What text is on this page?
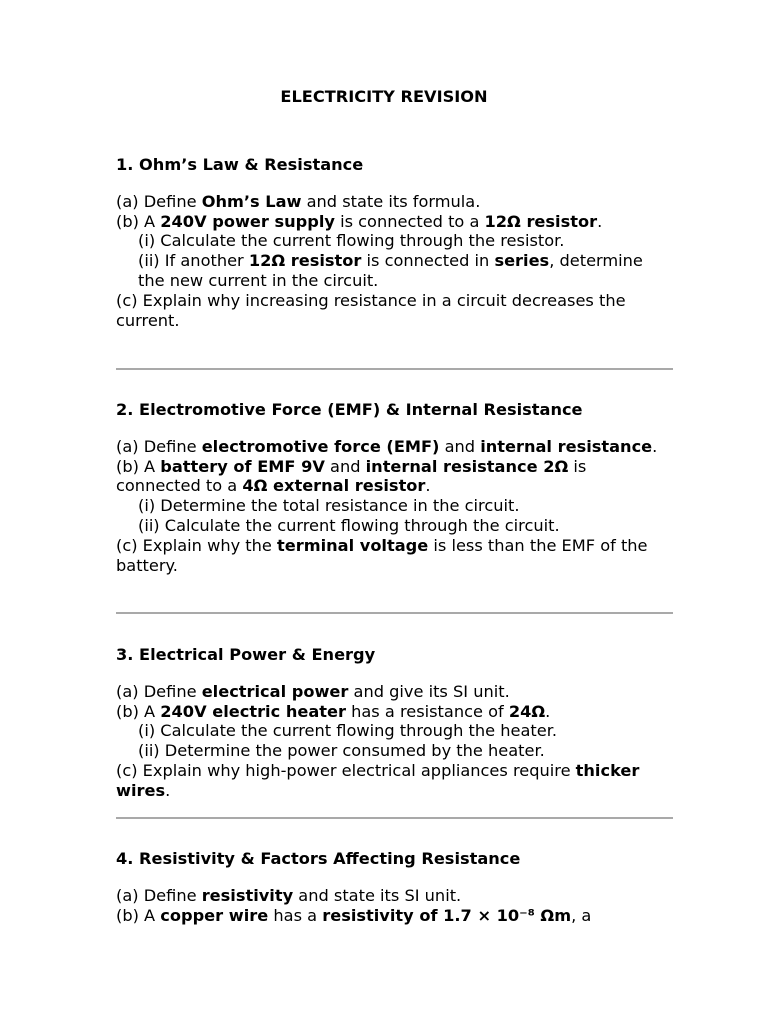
ELECTRICITY REVISION
1. Ohm’s Law & Resistance
(a) Define Ohm’s Law and state its formula.
(b) A 240V power supply is connected to a 12Ω resistor.
(i) Calculate the current flowing through the resistor.
(ii) If another 12Ω resistor is connected in series, determine the new current in the circuit.
(c) Explain why increasing resistance in a circuit decreases the current.
2. Electromotive Force (EMF) & Internal Resistance
(a) Define electromotive force (EMF) and internal resistance.
(b) A battery of EMF 9V and internal resistance 2Ω is connected to a 4Ω external resistor.
(i) Determine the total resistance in the circuit.
(ii) Calculate the current flowing through the circuit.
(c) Explain why the terminal voltage is less than the EMF of the battery.
3. Electrical Power & Energy
(a) Define electrical power and give its SI unit.
(b) A 240V electric heater has a resistance of 24Ω.
(i) Calculate the current flowing through the heater.
(ii) Determine the power consumed by the heater.
(c) Explain why high-power electrical appliances require thicker wires.
4. Resistivity & Factors Affecting Resistance
(a) Define resistivity and state its SI unit.
(b) A copper wire has a resistivity of 1.7 × 10⁻⁸ Ωm, a
